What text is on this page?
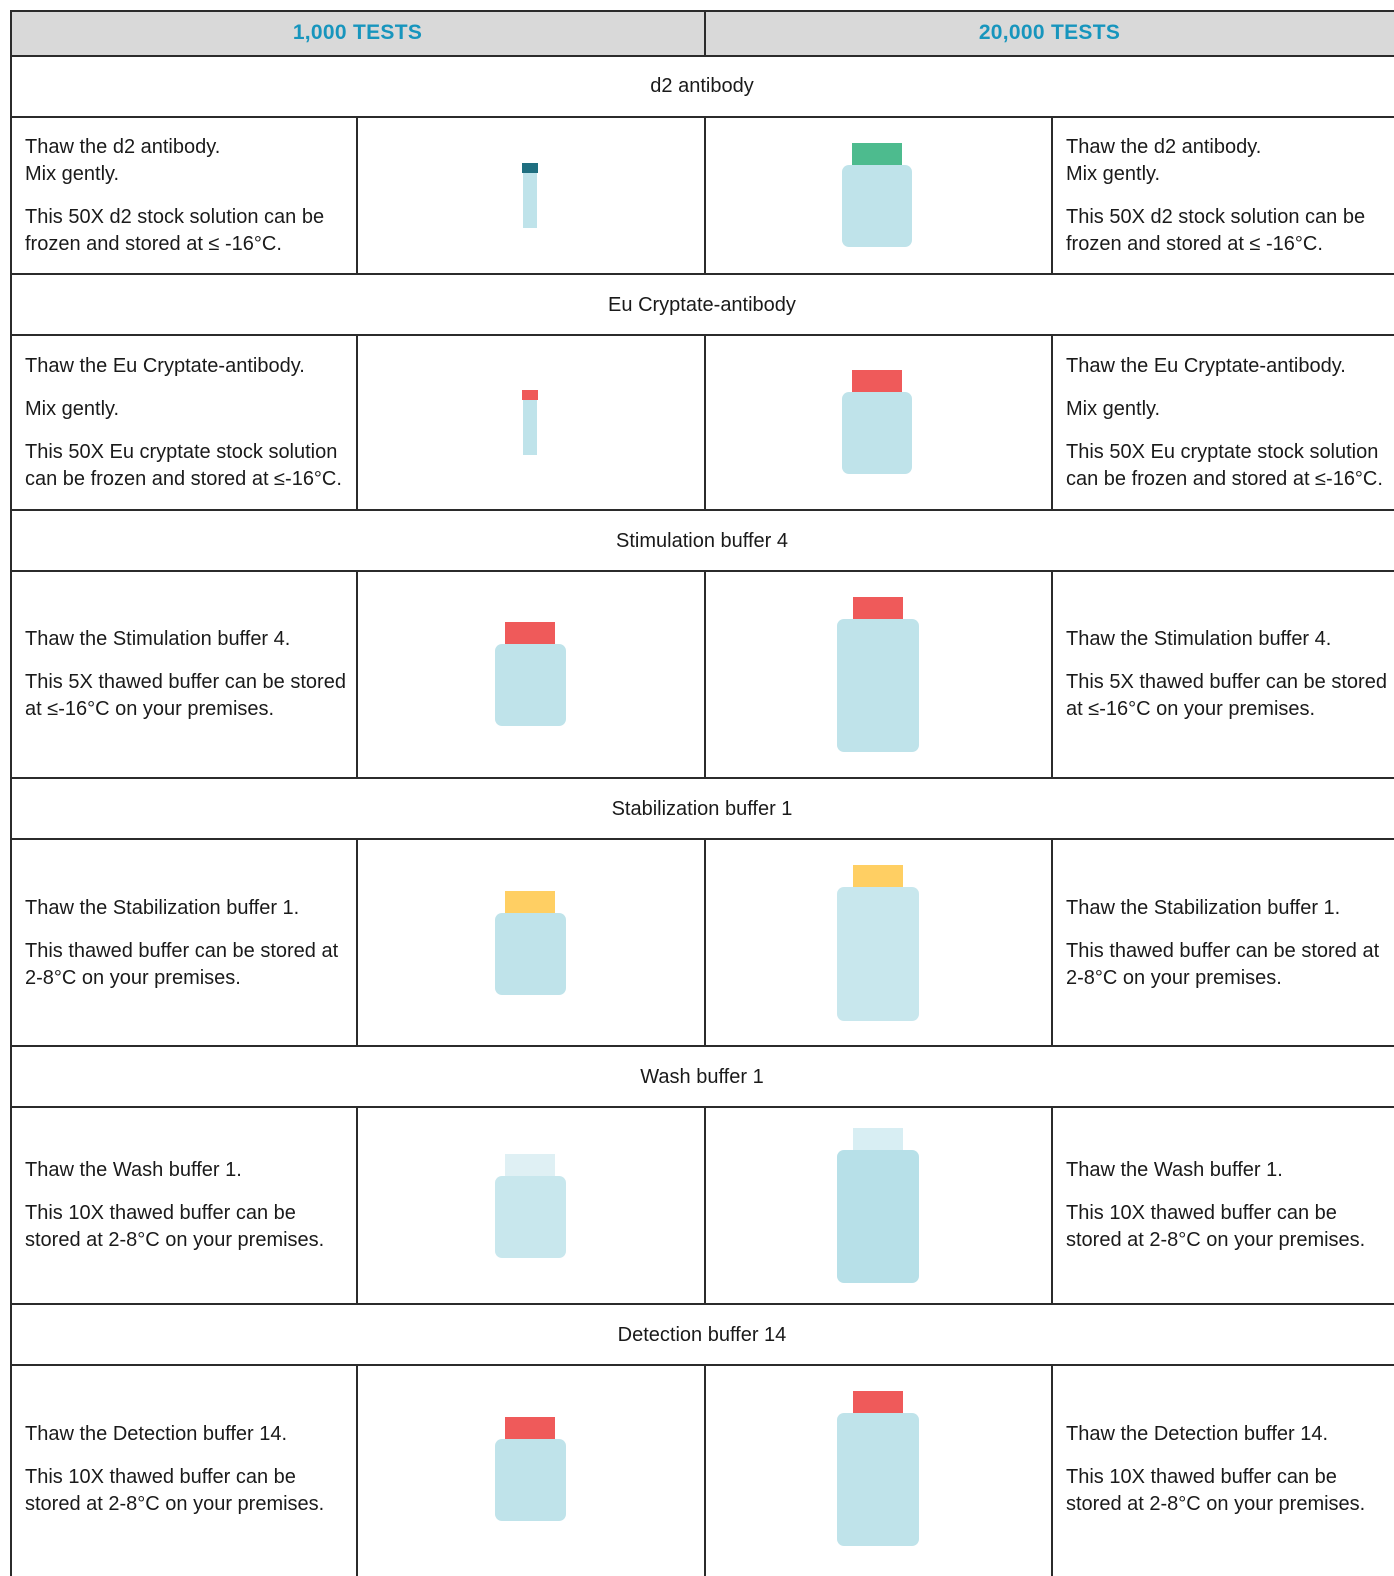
1,000 TESTS	20,000 TESTS
d2 antibody
Eu Cryptate-antibody
Stimulation buffer 4
Stabilization buffer 1
Wash buffer 1
Detection buffer 14

Thaw the d2 antibody.

Mix gently.

This 50X d2 stock solution can be frozen and stored at ≤ -16°C.

Thaw the d2 antibody.

Mix gently.

This 50X d2 stock solution can be frozen and stored at ≤ -16°C.

Thaw the Eu Cryptate-antibody.

Mix gently.

This 50X Eu cryptate stock solution can be frozen and stored at ≤-16°C.

Thaw the Eu Cryptate-antibody.

Mix gently.

This 50X Eu cryptate stock solution can be frozen and stored at ≤-16°C.

Thaw the Stimulation buffer 4.

This 5X thawed buffer can be stored at ≤-16°C on your premises.

Thaw the Stimulation buffer 4.

This 5X thawed buffer can be stored at ≤-16°C on your premises.

Thaw the Stabilization buffer 1.

This thawed buffer can be stored at 2-8°C on your premises.

Thaw the Stabilization buffer 1.

This thawed buffer can be stored at 2-8°C on your premises.

Thaw the Wash buffer 1.

This 10X thawed buffer can be stored at 2-8°C on your premises.

Thaw the Wash buffer 1.

This 10X thawed buffer can be stored at 2-8°C on your premises.

Thaw the Detection buffer 14.

This 10X thawed buffer can be stored at 2-8°C on your premises.

Thaw the Detection buffer 14.

This 10X thawed buffer can be stored at 2-8°C on your premises.
